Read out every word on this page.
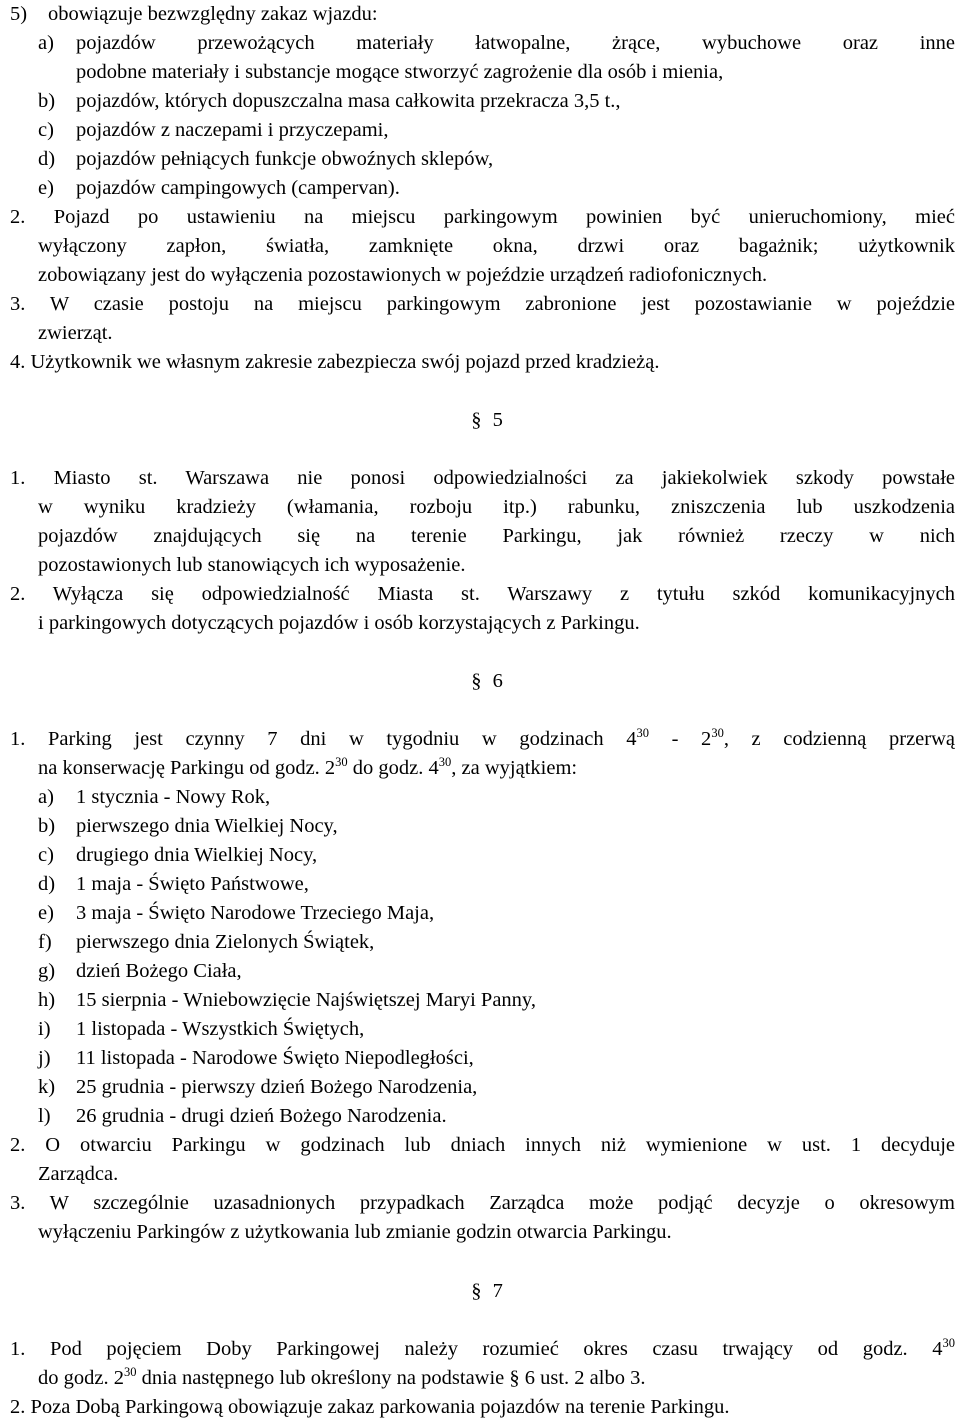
5) obowiązuje bezwzględny zakaz wjazdu:
a) pojazdów przewożących materiały łatwopalne, żrące, wybuchowe oraz inne
podobne materiały i substancje mogące stworzyć zagrożenie dla osób i mienia,
b) pojazdów, których dopuszczalna masa całkowita przekracza 3,5 t.,
c) pojazdów z naczepami i przyczepami,
d) pojazdów pełniących funkcje obwoźnych sklepów,
e) pojazdów campingowych (campervan).
2. Pojazd po ustawieniu na miejscu parkingowym powinien być unieruchomiony, mieć
wyłączony zapłon, światła, zamknięte okna, drzwi oraz bagażnik; użytkownik
zobowiązany jest do wyłączenia pozostawionych w pojeździe urządzeń radiofonicznych.
3. W czasie postoju na miejscu parkingowym zabronione jest pozostawianie w pojeździe
zwierząt.
4. Użytkownik we własnym zakresie zabezpiecza swój pojazd przed kradzieżą.
§ 5
1. Miasto st. Warszawa nie ponosi odpowiedzialności za jakiekolwiek szkody powstałe
w wyniku kradzieży (włamania, rozboju itp.) rabunku, zniszczenia lub uszkodzenia
pojazdów znajdujących się na terenie Parkingu, jak również rzeczy w nich
pozostawionych lub stanowiących ich wyposażenie.
2. Wyłącza się odpowiedzialność Miasta st. Warszawy z tytułu szkód komunikacyjnych
i parkingowych dotyczących pojazdów i osób korzystających z Parkingu.
§ 6
1. Parking jest czynny 7 dni w tygodniu w godzinach $4^{30} - 2^{30}$, z codzienną przerwą
na konserwację Parkingu od godz. $2^{30}$ do godz. $4^{30}$, za wyjątkiem:
a) 1 stycznia - Nowy Rok,
b) pierwszego dnia Wielkiej Nocy,
c) drugiego dnia Wielkiej Nocy,
d) 1 maja - Święto Państwowe,
e) 3 maja - Święto Narodowe Trzeciego Maja,
f) pierwszego dnia Zielonych Świątek,
g) dzień Bożego Ciała,
h) 15 sierpnia - Wniebowzięcie Najświętszej Maryi Panny,
i) 1 listopada - Wszystkich Świętych,
j) 11 listopada - Narodowe Święto Niepodległości,
k) 25 grudnia - pierwszy dzień Bożego Narodzenia,
l) 26 grudnia - drugi dzień Bożego Narodzenia.
2. O otwarciu Parkingu w godzinach lub dniach innych niż wymienione w ust. 1 decyduje
Zarządca.
3. W szczególnie uzasadnionych przypadkach Zarządca może podjąć decyzje o okresowym
wyłączeniu Parkingów z użytkowania lub zmianie godzin otwarcia Parkingu.
§ 7
1. Pod pojęciem Doby Parkingowej należy rozumieć okres czasu trwający od godz. $4^{30}$
do godz. $2^{30}$ dnia następnego lub określony na podstawie § 6 ust. 2 albo 3.
2. Poza Dobą Parkingową obowiązuje zakaz parkowania pojazdów na terenie Parkingu.
